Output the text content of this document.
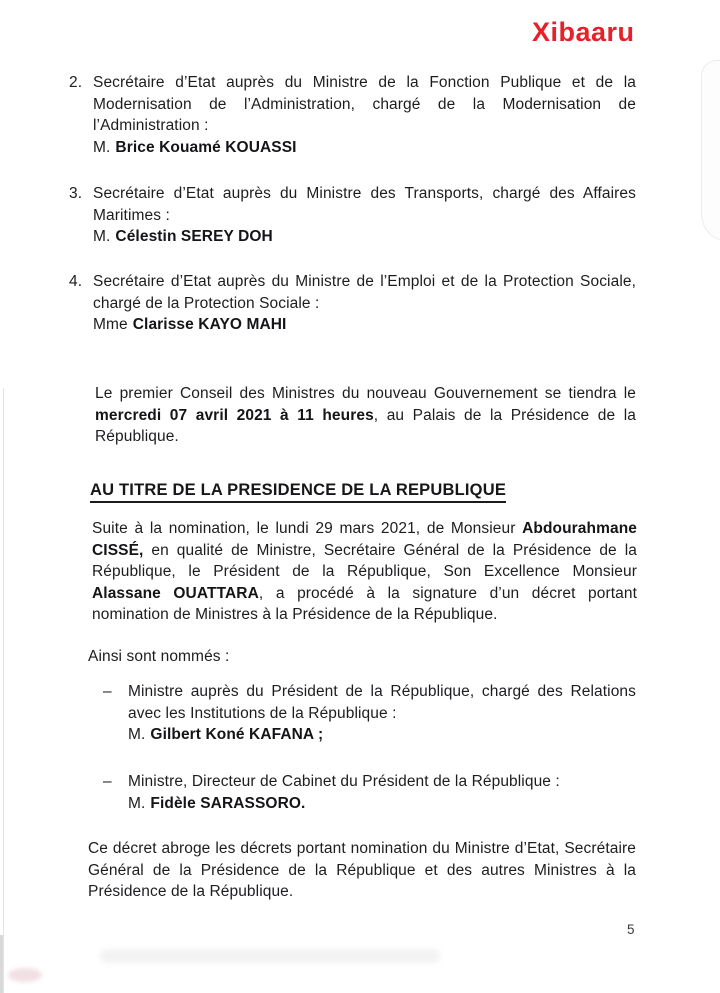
Xibaaru
2. Secrétaire d’Etat auprès du Ministre de la Fonction Publique et de la Modernisation de l’Administration, chargé de la Modernisation de l’Administration :
M. Brice Kouamé KOUASSI
3. Secrétaire d’Etat auprès du Ministre des Transports, chargé des Affaires Maritimes :
M. Célestin SEREY DOH
4. Secrétaire d’Etat auprès du Ministre de l’Emploi et de la Protection Sociale, chargé de la Protection Sociale :
Mme Clarisse KAYO MAHI
Le premier Conseil des Ministres du nouveau Gouvernement se tiendra le mercredi 07 avril 2021 à 11 heures, au Palais de la Présidence de la République.
AU TITRE DE LA PRESIDENCE DE LA REPUBLIQUE
Suite à la nomination, le lundi 29 mars 2021, de Monsieur Abdourahmane CISSÉ, en qualité de Ministre, Secrétaire Général de la Présidence de la République, le Président de la République, Son Excellence Monsieur Alassane OUATTARA, a procédé à la signature d’un décret portant nomination de Ministres à la Présidence de la République.
Ainsi sont nommés :
–	Ministre auprès du Président de la République, chargé des Relations avec les Institutions de la République :
M. Gilbert Koné KAFANA ;
–	Ministre, Directeur de Cabinet du Président de la République :
M. Fidèle SARASSORO.
Ce décret abroge les décrets portant nomination du Ministre d’Etat, Secrétaire Général de la Présidence de la République et des autres Ministres à la Présidence de la République.
5
